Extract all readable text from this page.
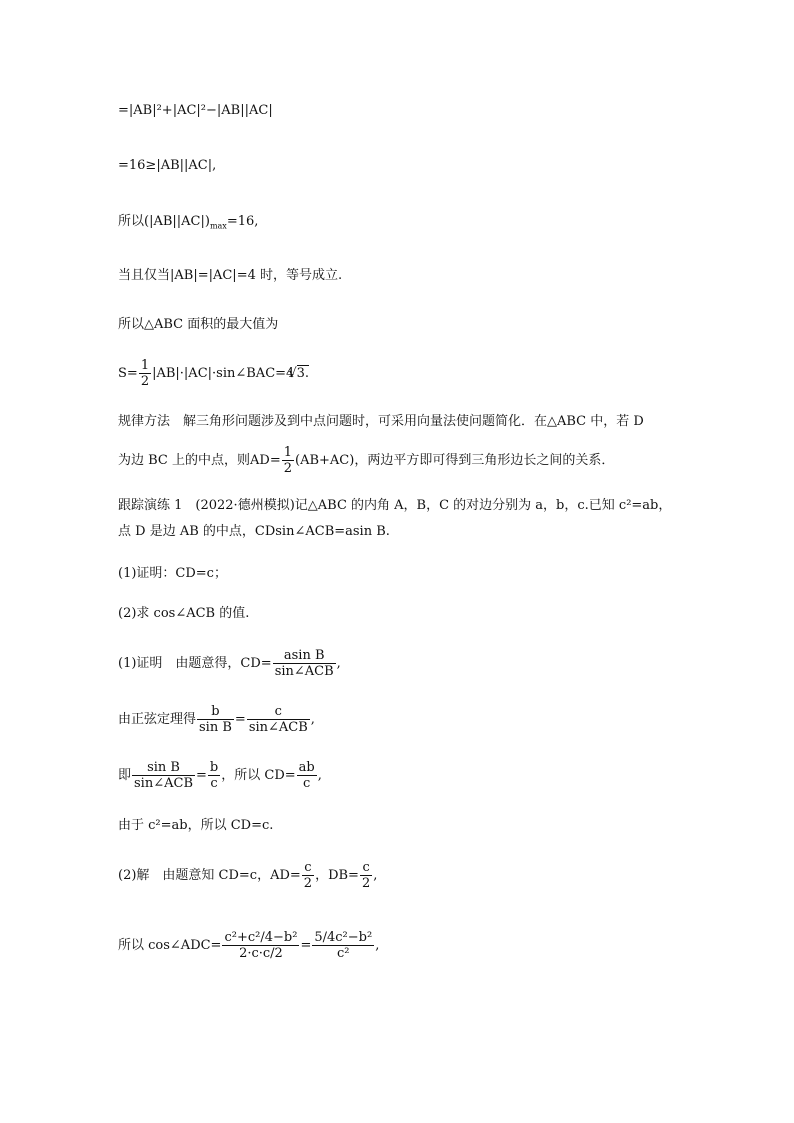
=|AB|²+|AC|²−|AB||AC|
=16≥|AB||AC|,
所以$(|AB||AC|)_{max}=16$,
当且仅当|AB|=|AC|=4 时，等号成立.
所以△ABC 面积的最大值为
$S= \frac{1}{2}$ |AB|·|AC|·sin∠BAC=4√ 3.
规律方法　解三角形问题涉及到中点问题时，可采用向量法使问题简化．在△ABC 中，若 D
为边 BC 上的中点，则$AD= \frac{1}{2} (AB+AC)$，两边平方即可得到三角形边长之间的关系．
跟踪演练 1　(2022·德州模拟)记△ABC 的内角 A，B，C 的对边分别为 a，b，c.已知 c²=ab，
点 D 是边 AB 的中点，CDsin∠ACB=asin B.
(1)证明：CD=c；
(2)求 cos∠ACB 的值.
(1)证明　由题意得，$CD= \frac{\text{asin B}}{\text{sin∠ACB}}$ ,
由正弦定理得 $\frac{b}{\text{sin B}} = \frac{c}{\text{sin∠ACB}}$ ,
即 $\frac{\text{sin B}}{\text{sin∠ACB}} = \frac{b}{c}$ ，所以 $CD= \frac{ab}{c}$ ,
由于 c²=ab，所以 CD=c.
(2)解　由题意知 CD=c，$AD= \frac{c}{2}$ ，$DB= \frac{c}{2}$ ,
所以 cos∠ADC= $\frac{\text{c²+c²/4−b²}}{2\cdot c\cdot c/2} = \frac{\text{5/4c²−b²}}{\text{c²}}$ ,
